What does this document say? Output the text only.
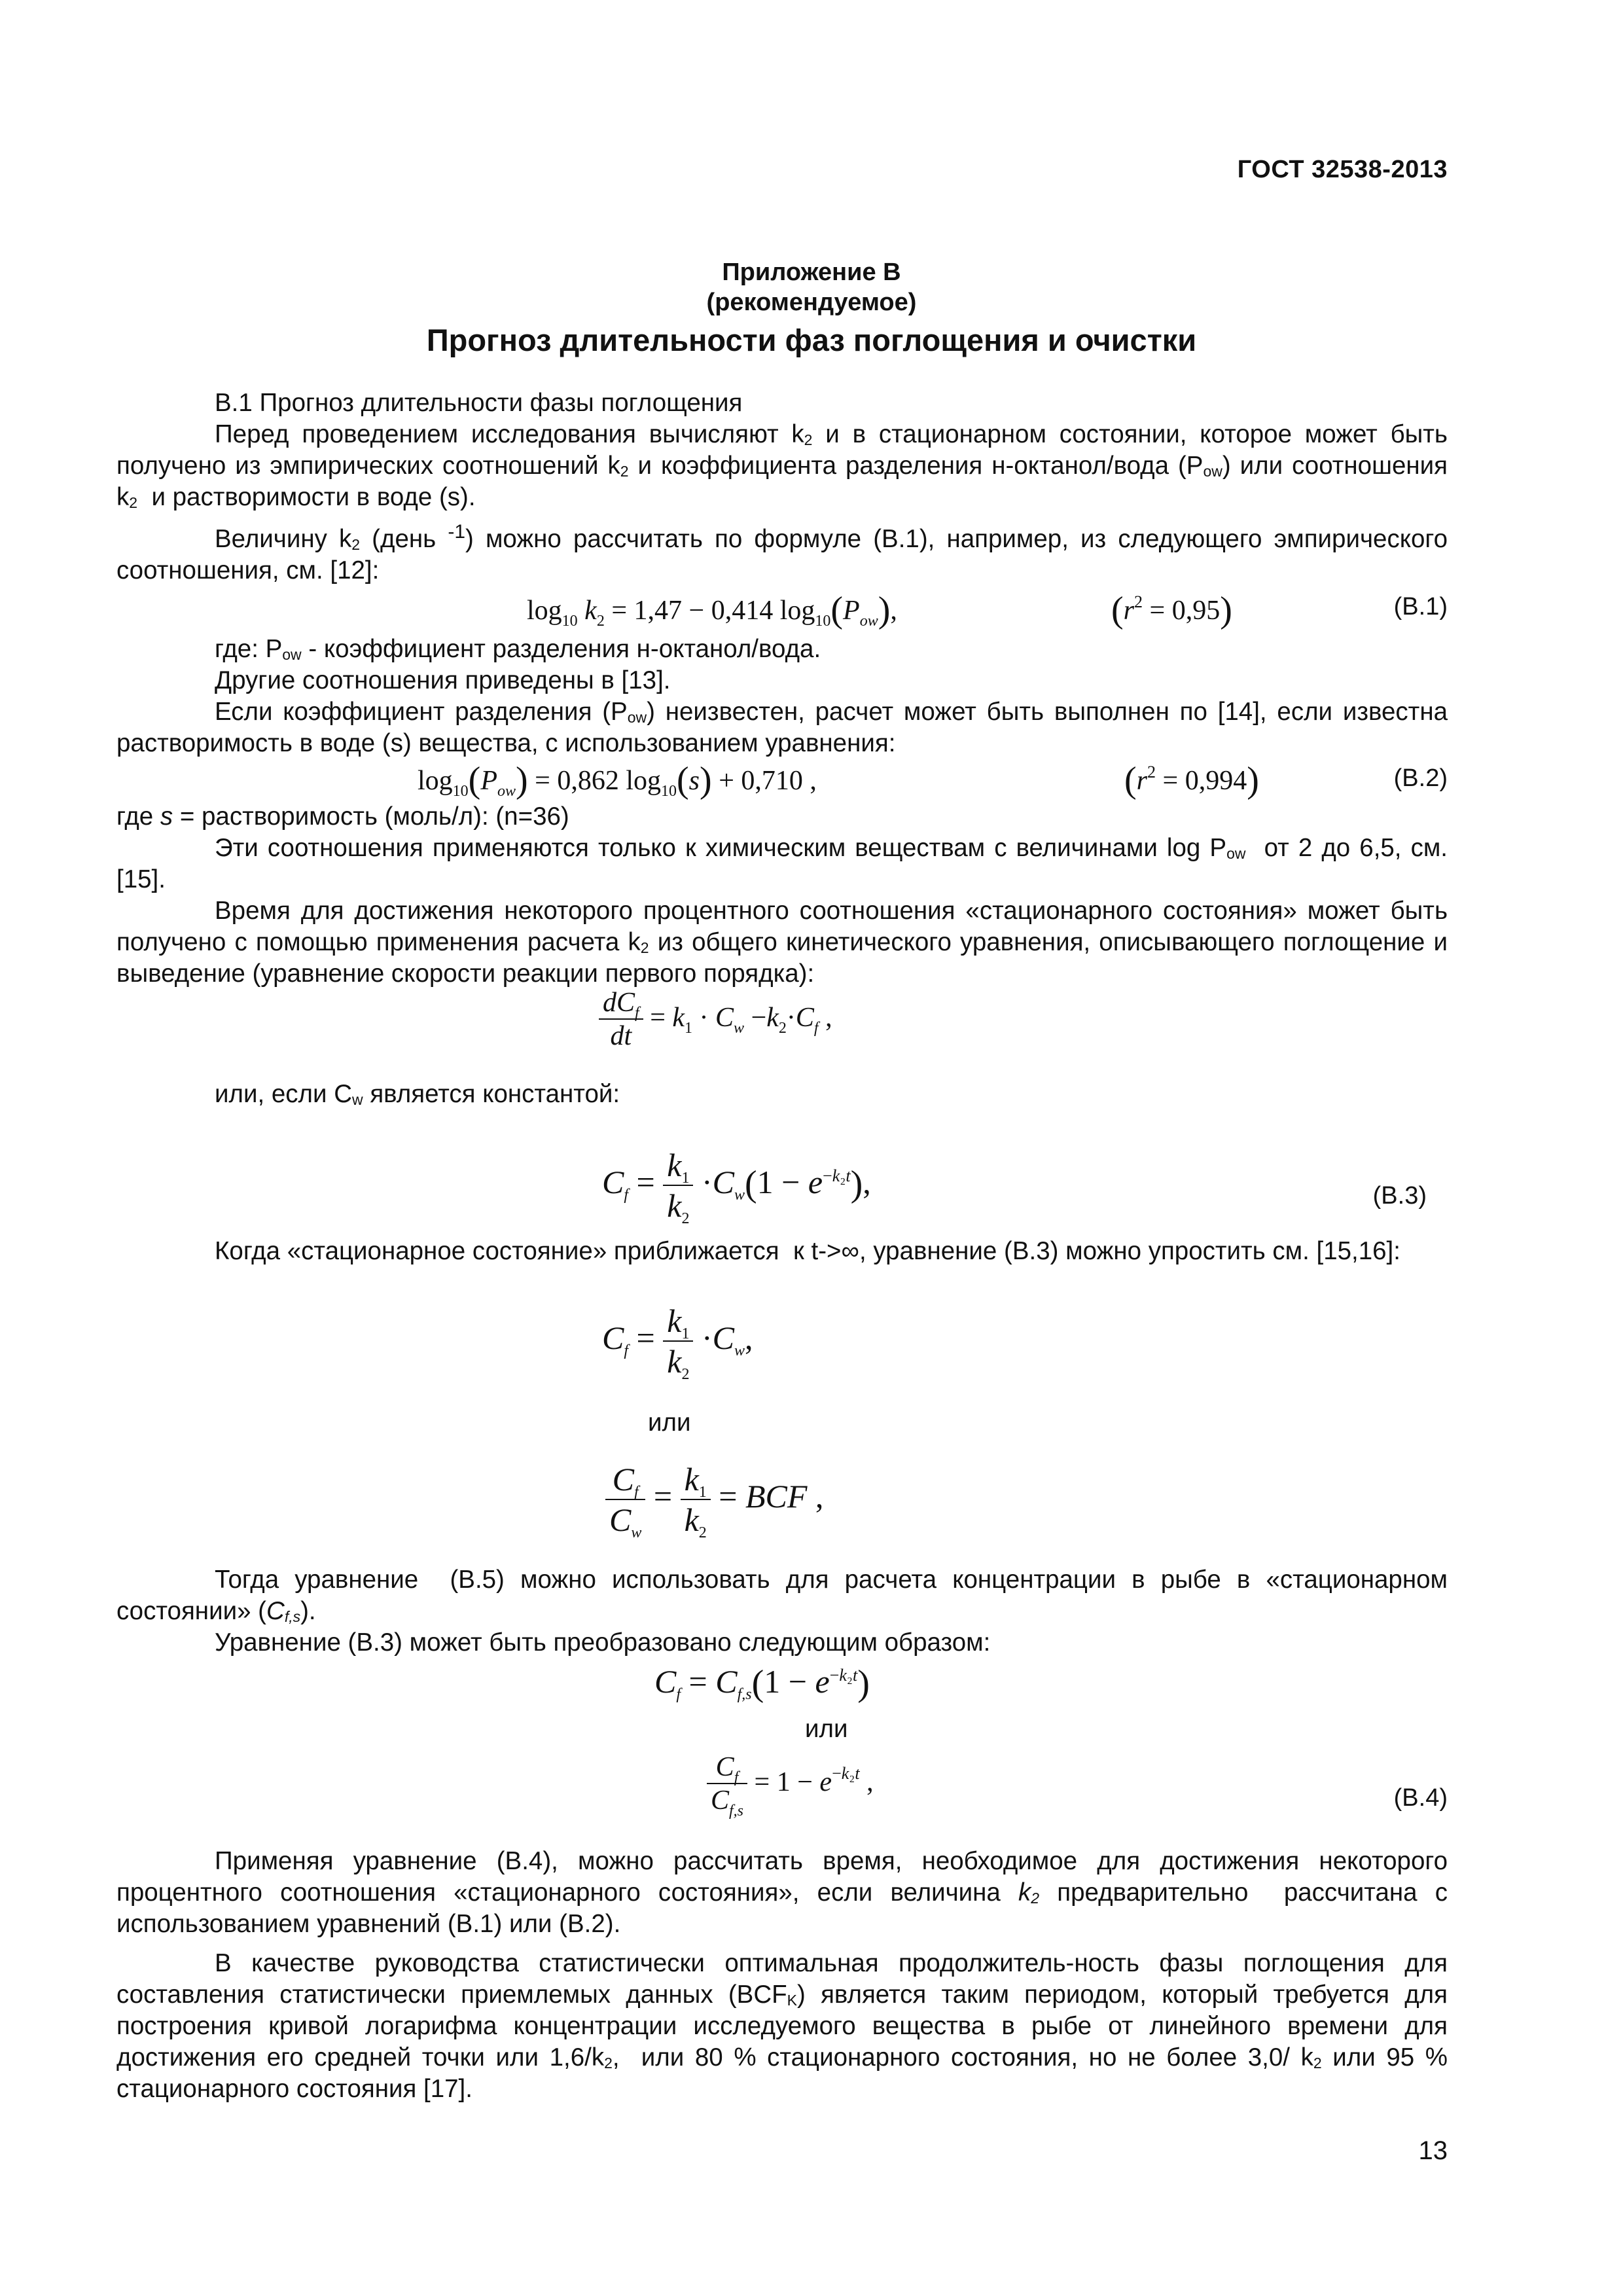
ГОСТ 32538-2013
Приложение В
(рекомендуемое)
Прогноз длительности фаз поглощения и очистки
В.1 Прогноз длительности фазы поглощения
Перед проведением исследования вычисляют $k_2$ и в стационарном состоянии, которое может быть получено из эмпирических соотношений $k_2$ и коэффициента разделения н-октанол/вода $(P_{ow})$ или соотношения $k_2$  и растворимости в воде (s).
Величину $k_2$ (день $^{-1}$) можно рассчитать по формуле (В.1), например, из следующего эмпирического соотношения, см. [12]:
$\log_{10} k_2 = 1,47 - 0,414$ $\log_{10}(P_{ow})$,	$(r^2 = 0,95)$	(В.1)
где: $P_{ow}$ - коэффициент разделения н-октанол/вода.
Другие соотношения приведены в [13].
Если коэффициент разделения $(P_{ow})$ неизвестен, расчет может быть выполнен по [14], если известна растворимость в воде (s) вещества, с использованием уравнения:
$\log_{10}(P_{ow}) = 0,862$ $\log_{10}(s) + 0,710$ ,	$(r^2 = 0,994)$	(В.2)
где s = растворимость (моль/л): (n=36)
Эти соотношения применяются только к химическим веществам с величинами $\log P_{ow}$  от 2 до 6,5, см.[15].
Время для достижения некоторого процентного соотношения «стационарного состояния» может быть получено с помощью применения расчета $k_2$ из общего кинетического уравнения, описывающего поглощение и выведение (уравнение скорости реакции первого порядка):
$\frac{dC_f}{dt} = k_1 \cdot C_w -k_2\cdot C_f$ ,
или, если $C_w$ является константой:
$C_f = \frac{k_1}{k_2} \cdot C_w(1 - e^{-k_2t})$,	(В.3)
Когда «стационарное состояние» приближается  к t->∞, уравнение (В.3) можно упростить см. [15,16]:
$C_f = \frac{k_1}{k_2} \cdot C_w$,
или
$\frac{C_f}{C_w} = \frac{k_1}{k_2}$ = BCF ,
Тогда уравнение  (В.5) можно использовать для расчета концентрации в рыбе в «стационарном состоянии» $(C_{f,s})$.
Уравнение (В.3) может быть преобразовано следующим образом:
$C_f = C_{f,s}(1 - e^{-k_2t})$
или
$\frac{C_f}{C_{f,s}} = 1 - e^{-k_2t}$ ,
(В.4)
Применяя уравнение (В.4), можно рассчитать время, необходимое для достижения некоторого процентного соотношения «стационарного состояния», если величина $k_2$ предварительно  рассчитана с использованием уравнений (В.1) или (В.2).
В качестве руководства статистически оптимальная продолжитель-ность фазы поглощения для составления статистически приемлемых данных $(BCF_K)$ является таким периодом, который требуется для построения кривой логарифма концентрации исследуемого вещества в рыбе от линейного времени для достижения его средней точки или $1,6/k_2$,  или 80 % стационарного состояния, но не более 3,0/ $k_2$ или 95 % стационарного состояния [17].
13
